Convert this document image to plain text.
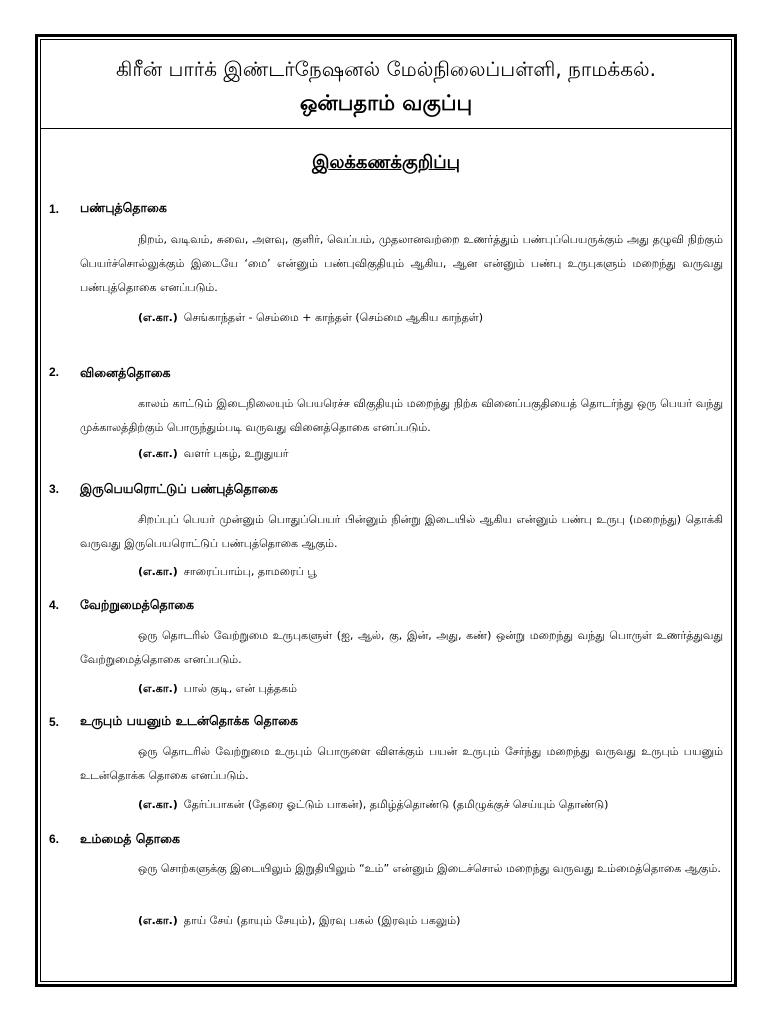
கிரீன் பார்க் இண்டர்நேஷனல் மேல்நிலைப்பள்ளி, நாமக்கல்.
ஒன்பதாம் வகுப்பு
இலக்கணக்குறிப்பு
1. பண்புத்தொகை
நிறம், வடிவம், சுவை, அளவு, குளிர், வெப்பம், முதலானவற்றை உணர்த்தும் பண்புப்பெயருக்கும் அது தழுவி நிற்கும் பெயர்ச்சொல்லுக்கும் இடையே ‘மை’ என்னும் பண்புவிகுதியும் ஆகிய, ஆன என்னும் பண்பு உருபுகளும் மறைந்து வருவது பண்புத்தொகை எனப்படும்.
(எ.கா.) செங்காந்தள் - செம்மை + காந்தள் (செம்மை ஆகிய காந்தள்)
2. வினைத்தொகை
காலம் காட்டும் இடைநிலையும் பெயரெச்ச விகுதியும் மறைந்து நிற்க வினைப்பகுதியைத் தொடர்ந்து ஒரு பெயர் வந்து முக்காலத்திற்கும் பொருந்தும்படி வருவது வினைத்தொகை எனப்படும்.
(எ.கா.) வளர் புகழ், உறுதுயர்
3. இருபெயரொட்டுப் பண்புத்தொகை
சிறப்புப் பெயர் முன்னும் பொதுப்பெயர் பின்னும் நின்று இடையில் ஆகிய என்னும் பண்பு உருபு (மறைந்து) தொக்கி வருவது இருபெயரொட்டுப் பண்புத்தொகை ஆகும்.
(எ.கா.) சாரைப்பாம்பு, தாமரைப் பூ
4. வேற்றுமைத்தொகை
ஒரு தொடரில் வேற்றுமை உருபுகளுள் (ஐ, ஆல், கு, இன், அது, கண்) ஒன்று மறைந்து வந்து பொருள் உணர்த்துவது வேற்றுமைத்தொகை எனப்படும்.
(எ.கா.) பால் குடி, என் புத்தகம்
5. உருபும் பயனும் உடன்தொக்க தொகை
ஒரு தொடரில் வேற்றுமை உருபும் பொருளை விளக்கும் பயன் உருபும் சேர்ந்து மறைந்து வருவது உருபும் பயனும் உடன்தொக்க தொகை எனப்படும்.
(எ.கா.) தேர்ப்பாகன் (தேரை ஓட்டும் பாகன்), தமிழ்த்தொண்டு (தமிழுக்குச் செய்யும் தொண்டு)
6. உம்மைத் தொகை
ஒரு சொற்களுக்கு இடையிலும் இறுதியிலும் “உம்” என்னும் இடைச்சொல் மறைந்து வருவது உம்மைத்தொகை ஆகும்.
(எ.கா.) தாய் சேய் (தாயும் சேயும்), இரவு பகல் (இரவும் பகலும்)
